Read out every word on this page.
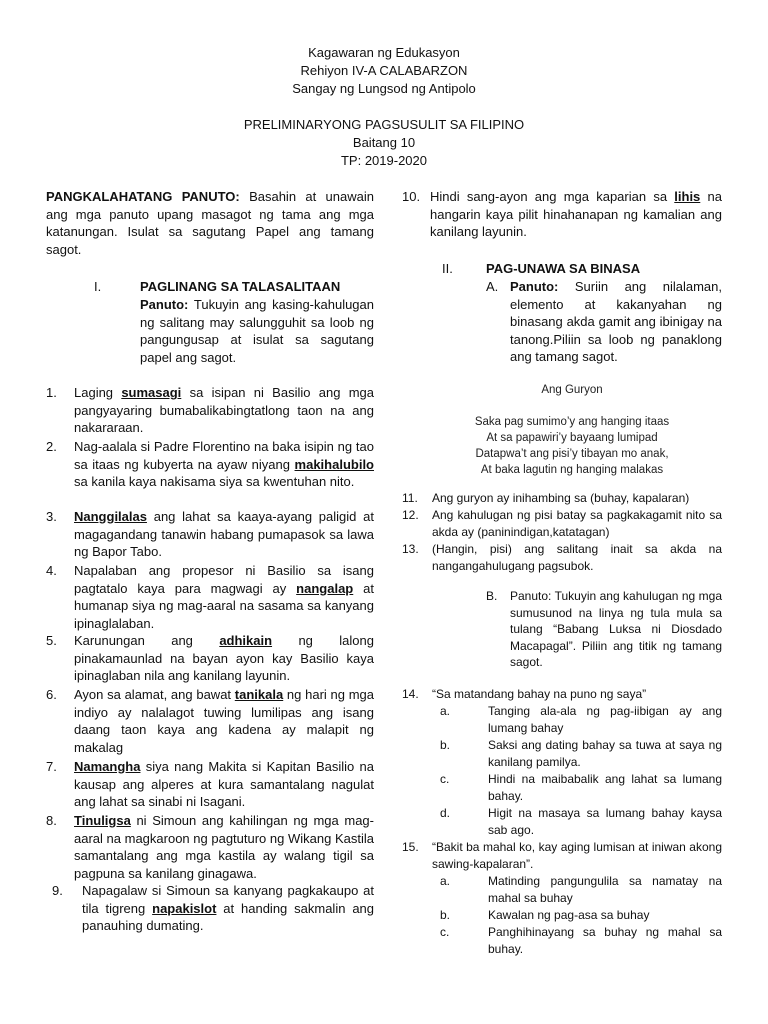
Kagawaran ng Edukasyon
Rehiyon IV-A CALABARZON
Sangay ng Lungsod ng Antipolo
PRELIMINARYONG PAGSUSULIT SA FILIPINO
Baitang 10
TP: 2019-2020
PANGKALAHATANG PANUTO: Basahin at unawain ang mga panuto upang masagot ng tama ang mga katanungan. Isulat sa sagutang Papel ang tamang sagot.
I.	PAGLINANG SA TALASALITAAN
Panuto: Tukuyin ang kasing-kahulugan ng salitang may salungguhit sa loob ng pangungusap at isulat sa sagutang papel ang sagot.
1. Laging sumasagi sa isipan ni Basilio ang mga pangyayaring bumabalikabingtatlong taon na ang nakararaan.
2. Nag-aalala si Padre Florentino na baka isipin ng tao sa itaas ng kubyerta na ayaw niyang makihalubilo sa kanila kaya nakisama siya sa kwentuhan nito.
3. Nanggilalas ang lahat sa kaaya-ayang paligid at magagandang tanawin habang pumapasok sa lawa ng Bapor Tabo.
4. Napalaban ang propesor ni Basilio sa isang pagtatalo kaya para magwagi ay nangalap at humanap siya ng mag-aaral na sasama sa kanyang ipinaglalaban.
5. Karunungan ang adhikain ng lalong pinakamaunlad na bayan ayon kay Basilio kaya ipinaglaban nila ang kanilang layunin.
6. Ayon sa alamat, ang bawat tanikala ng hari ng mga indiyo ay nalalagot tuwing lumilipas ang isang daang taon kaya ang kadena ay malapit ng makalag
7. Namangha siya nang Makita si Kapitan Basilio na kausap ang alperes at kura samantalang nagulat ang lahat sa sinabi ni Isagani.
8. Tinuligsa ni Simoun ang kahilingan ng mga mag-aaral na magkaroon ng pagtuturo ng Wikang Kastila samantalang ang mga kastila ay walang tigil sa pagpuna sa kanilang ginagawa.
9. Napagalaw si Simoun sa kanyang pagkakaupo at tila tigreng napakislot at handing sakmalin ang panauhing dumating.
10. Hindi sang-ayon ang mga kaparian sa lihis na hangarin kaya pilit hinahanapan ng kamalian ang kanilang layunin.
II.	PAG-UNAWA SA BINASA
A. Panuto: Suriin ang nilalaman, elemento at kakanyahan ng binasang akda gamit ang ibinigay na tanong.Piliin sa loob ng panaklong ang tamang sagot.
Ang Guryon
Saka pag sumimo’y ang hanging itaas
At sa papawiri’y bayaang lumipad
Datapwa’t ang pisi’y tibayan mo anak,
At baka lagutin ng hanging malakas
11. Ang guryon ay inihambing sa (buhay, kapalaran)
12. Ang kahulugan ng pisi batay sa pagkakagamit nito sa akda ay (paninindigan,katatagan)
13. (Hangin, pisi) ang salitang inait sa akda na nangangahulugang pagsubok.
B. Panuto: Tukuyin ang kahulugan ng mga sumusunod na linya ng tula mula sa tulang “Babang Luksa ni Diosdado Macapagal”. Piliin ang titik ng tamang sagot.
14. “Sa matandang bahay na puno ng saya”
a.	Tanging ala-ala ng pag-iibigan ay ang lumang bahay
b.	Saksi ang dating bahay sa tuwa at saya ng kanilang pamilya.
c.	Hindi na maibabalik ang lahat sa lumang bahay.
d.	Higit na masaya sa lumang bahay kaysa sab ago.
15. “Bakit ba mahal ko, kay aging lumisan at iniwan akong sawing-kapalaran”.
a.	Matinding pangungulila sa namatay na mahal sa buhay
b.	Kawalan ng pag-asa sa buhay
c.	Panghihinayang sa buhay ng mahal sa buhay.
